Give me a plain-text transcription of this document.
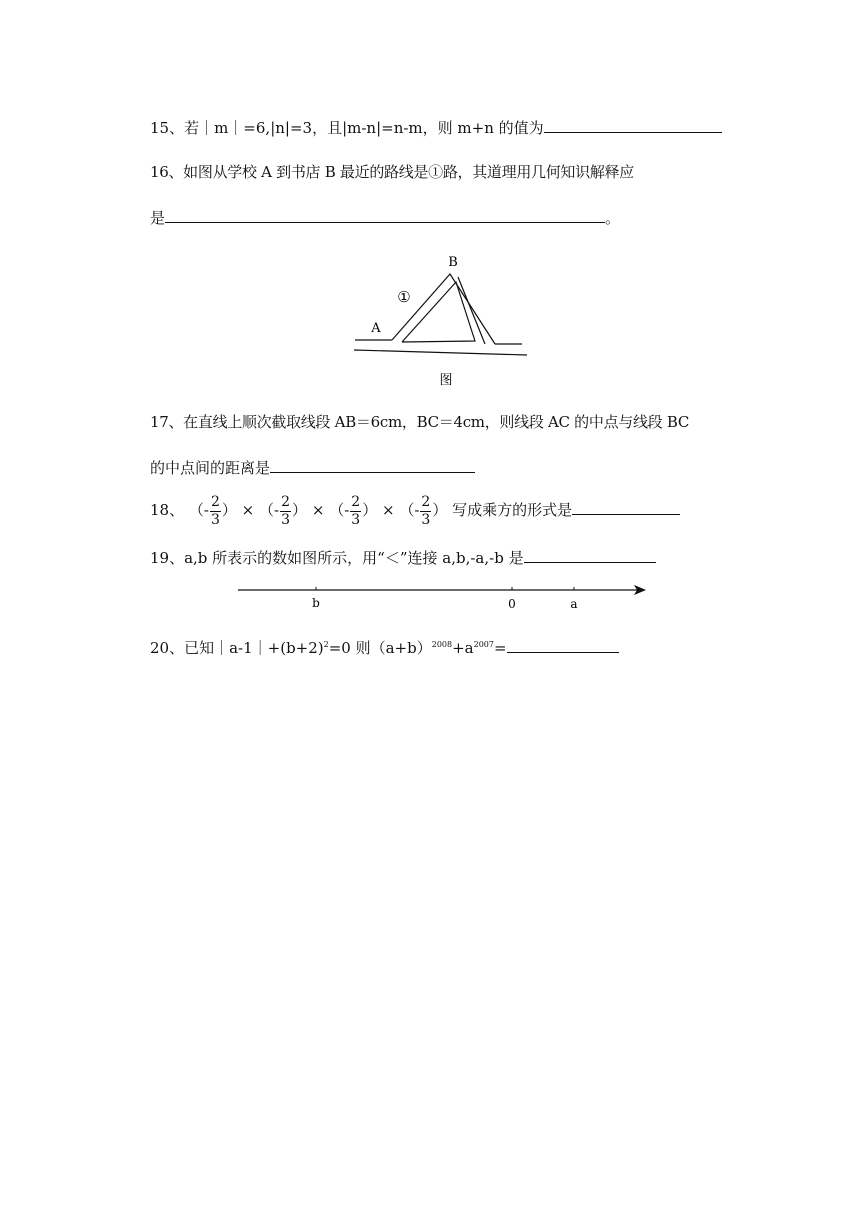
15、若｜m｜=6,|n|=3，且|m-n|=n-m，则 m+n 的值为
16、如图从学校 A 到书店 B 最近的路线是①路，其道理用几何知识解释应
是	。
B
A
①
图
17、在直线上顺次截取线段 AB＝6cm，BC＝4cm，则线段 AC 的中点与线段 BC
的中点间的距离是
18、 （- $\frac{2}{3}$ ） × （- $\frac{2}{3}$ ） × （- $\frac{2}{3}$ ） × （- $\frac{2}{3}$ ） 写成乘方的形式是
19、a,b 所表示的数如图所示，用“＜”连接 a,b,-a,-b 是
b	0	a
20、已知$|a-1|+(b+2)^2=0$ 则$(a+b)^{2008}+a^{2007}=$
